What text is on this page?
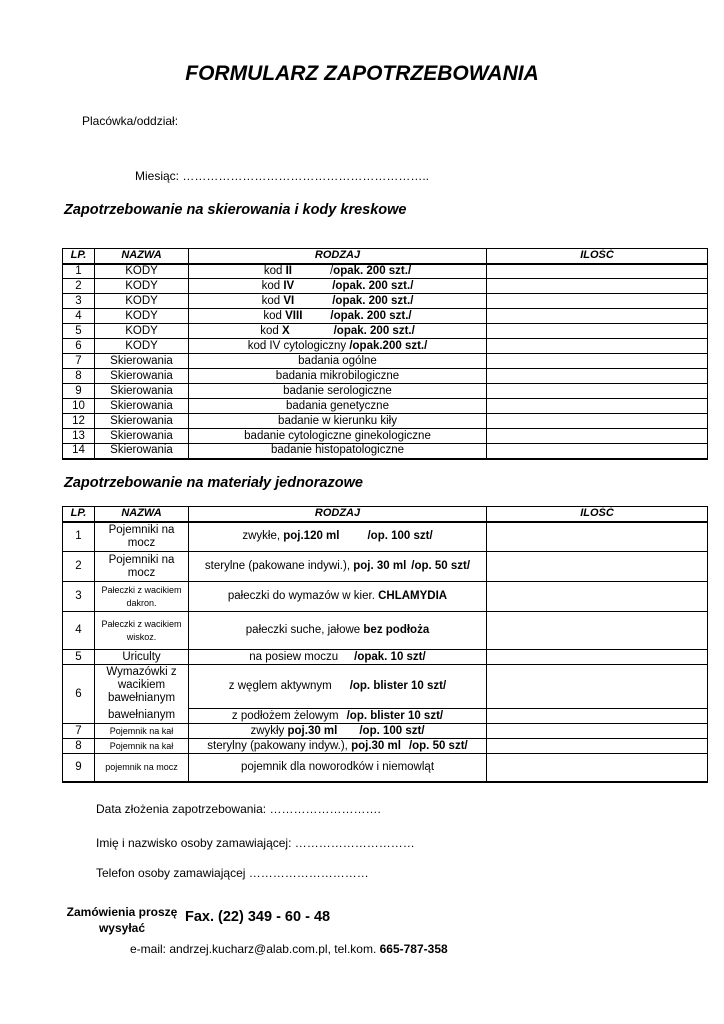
FORMULARZ ZAPOTRZEBOWANIA
Placówka/oddział:
Miesiąc: ……………………………………………………..
Zapotrzebowanie na skierowania i kody kreskowe
LP.	NAZWA	RODZAJ	ILOŚĆ
1	KODY	kod II /opak. 200 szt./	
2	KODY	kod IV /opak. 200 szt./	
3	KODY	kod VI /opak. 200 szt./	
4	KODY	kod VIII /opak. 200 szt./	
5	KODY	kod X /opak. 200 szt./	
6	KODY	kod IV cytologiczny /opak.200 szt./	
7	Skierowania	badania ogólne	
8	Skierowania	badania mikrobilogiczne	
9	Skierowania	badanie serologiczne	
10	Skierowania	badania genetyczne	
12	Skierowania	badanie w kierunku kiły	
13	Skierowania	badanie cytologiczne ginekologiczne	
14	Skierowania	badanie histopatologiczne	
Zapotrzebowanie na materiały jednorazowe
LP.	NAZWA	RODZAJ	ILOŚĆ
1	Pojemniki na mocz	zwykłe, poj.120 ml /op. 100 szt/	
2	Pojemniki na mocz	sterylne (pakowane indywi.), poj. 30 ml /op. 50 szt/	
3	Pałeczki z wacikiem dakron.	pałeczki do wymazów w kier. CHLAMYDIA	
4	Pałeczki z wacikiem wiskoz.	pałeczki suche, jałowe bez podłoża	
5	Uriculty	na posiew moczu /opak. 10 szt/	
6	Wymazówki z wacikiem bawełnianym	z węglem aktywnym /op. blister 10 szt/	
	bawełnianym	z podłożem żelowym /op. blister 10 szt/	
7	Pojemnik na kał	zwykły poj.30 ml /op. 100 szt/	
8	Pojemnik na kał	sterylny (pakowany indyw.), poj.30 ml /op. 50 szt/	
9	pojemnik na mocz	pojemnik dla noworodków i niemowląt	
Data złożenia zapotrzebowania: ……………………….
Imię i nazwisko osoby zamawiającej: …………………………
Telefon osoby zamawiającej …………………………
Zamówienia proszę
wysyłać
Fax. (22) 349 - 60 - 48
e-mail: andrzej.kucharz@alab.com.pl, tel.kom. 665-787-358
